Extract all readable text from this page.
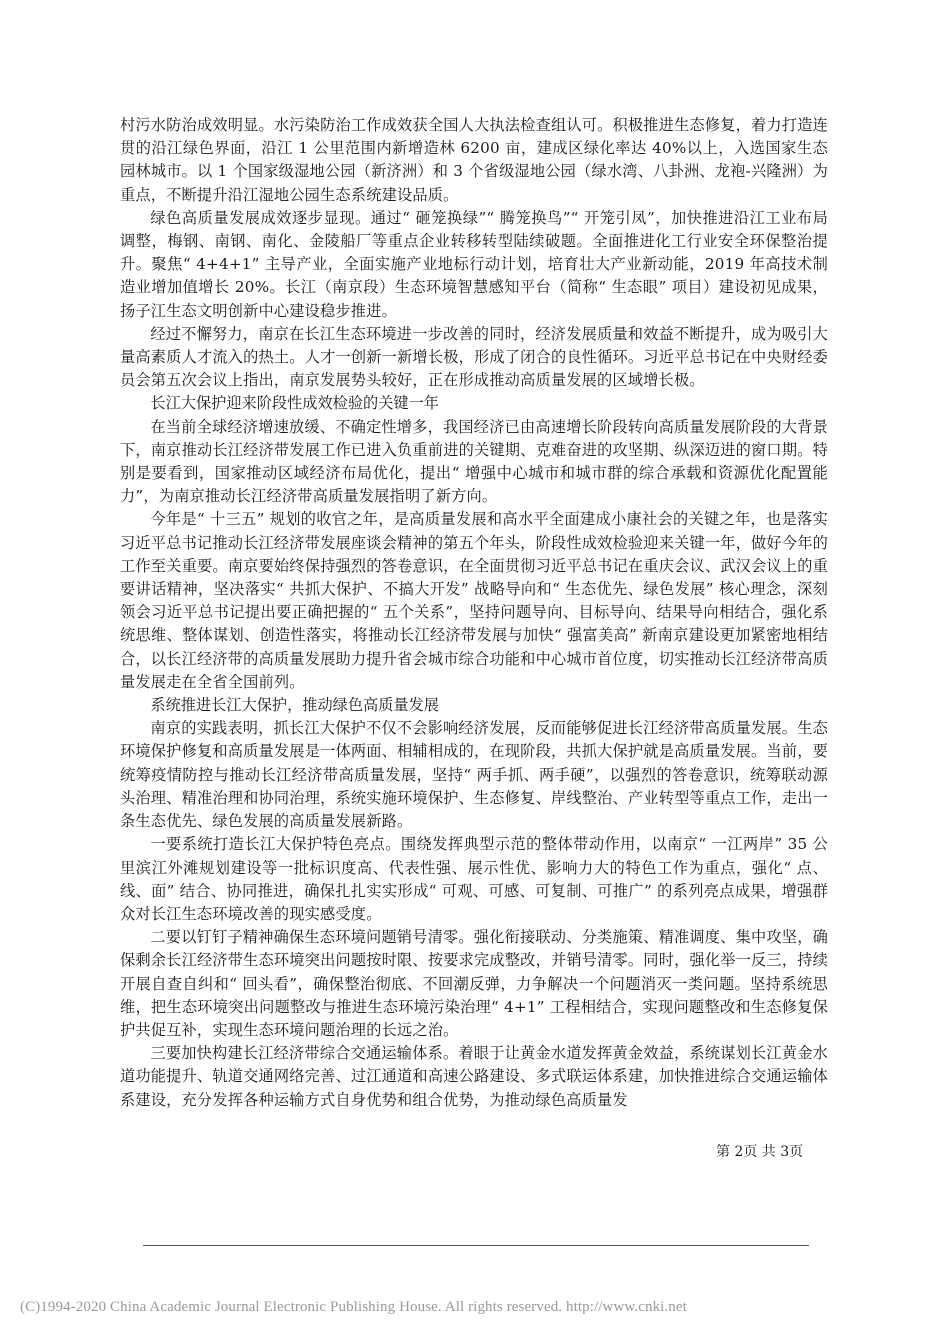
村污水防治成效明显。水污染防治工作成效获全国人大执法检查组认可。积极推进生态修复，着力打造连贯的沿江绿色界面，沿江 1 公里范围内新增造林 6200 亩，建成区绿化率达 40%以上，入选国家生态园林城市。以 1 个国家级湿地公园（新济洲）和 3 个省级湿地公园（绿水湾、八卦洲、龙袍-兴隆洲）为重点，不断提升沿江湿地公园生态系统建设品质。

绿色高质量发展成效逐步显现。通过“ 砸笼换绿”“ 腾笼换鸟”“ 开笼引凤”，加快推进沿江工业布局调整，梅钢、南钢、南化、金陵船厂等重点企业转移转型陆续破题。全面推进化工行业安全环保整治提升。聚焦“ 4+4+1” 主导产业，全面实施产业地标行动计划，培育壮大产业新动能，2019 年高技术制造业增加值增长 20%。长江（南京段）生态环境智慧感知平台（简称“ 生态眼” 项目）建设初见成果，扬子江生态文明创新中心建设稳步推进。

经过不懈努力，南京在长江生态环境进一步改善的同时，经济发展质量和效益不断提升，成为吸引大量高素质人才流入的热土。人才一创新一新增长极，形成了闭合的良性循环。习近平总书记在中央财经委员会第五次会议上指出，南京发展势头较好，正在形成推动高质量发展的区域增长极。

长江大保护迎来阶段性成效检验的关键一年

在当前全球经济增速放缓、不确定性增多，我国经济已由高速增长阶段转向高质量发展阶段的大背景下，南京推动长江经济带发展工作已进入负重前进的关键期、克难奋进的攻坚期、纵深迈进的窗口期。特别是要看到，国家推动区域经济布局优化，提出“ 增强中心城市和城市群的综合承载和资源优化配置能力”，为南京推动长江经济带高质量发展指明了新方向。

今年是“ 十三五” 规划的收官之年，是高质量发展和高水平全面建成小康社会的关键之年，也是落实习近平总书记推动长江经济带发展座谈会精神的第五个年头，阶段性成效检验迎来关键一年，做好今年的工作至关重要。南京要始终保持强烈的答卷意识，在全面贯彻习近平总书记在重庆会议、武汉会议上的重要讲话精神，坚决落实“ 共抓大保护、不搞大开发” 战略导向和“ 生态优先、绿色发展” 核心理念，深刻领会习近平总书记提出要正确把握的“ 五个关系”，坚持问题导向、目标导向、结果导向相结合，强化系统思维、整体谋划、创造性落实，将推动长江经济带发展与加快“ 强富美高” 新南京建设更加紧密地相结合，以长江经济带的高质量发展助力提升省会城市综合功能和中心城市首位度，切实推动长江经济带高质量发展走在全省全国前列。

系统推进长江大保护，推动绿色高质量发展

南京的实践表明，抓长江大保护不仅不会影响经济发展，反而能够促进长江经济带高质量发展。生态环境保护修复和高质量发展是一体两面、相辅相成的，在现阶段，共抓大保护就是高质量发展。当前，要统筹疫情防控与推动长江经济带高质量发展，坚持“ 两手抓、两手硬”，以强烈的答卷意识，统筹联动源头治理、精准治理和协同治理，系统实施环境保护、生态修复、岸线整治、产业转型等重点工作，走出一条生态优先、绿色发展的高质量发展新路。

一要系统打造长江大保护特色亮点。围绕发挥典型示范的整体带动作用，以南京“ 一江两岸” 35 公里滨江外滩规划建设等一批标识度高、代表性强、展示性优、影响力大的特色工作为重点，强化“ 点、线、面” 结合、协同推进，确保扎扎实实形成“ 可观、可感、可复制、可推广” 的系列亮点成果，增强群众对长江生态环境改善的现实感受度。

二要以钉钉子精神确保生态环境问题销号清零。强化衔接联动、分类施策、精准调度、集中攻坚，确保剩余长江经济带生态环境突出问题按时限、按要求完成整改，并销号清零。同时，强化举一反三，持续开展自查自纠和“ 回头看”，确保整治彻底、不回潮反弹，力争解决一个问题消灭一类问题。坚持系统思维，把生态环境突出问题整改与推进生态环境污染治理“ 4+1” 工程相结合，实现问题整改和生态修复保护共促互补，实现生态环境问题治理的长远之治。

三要加快构建长江经济带综合交通运输体系。着眼于让黄金水道发挥黄金效益，系统谋划长江黄金水道功能提升、轨道交通网络完善、过江通道和高速公路建设、多式联运体系建，加快推进综合交通运输体系建设，充分发挥各种运输方式自身优势和组合优势，为推动绿色高质量发

第 2页 共 3页
(C)1994-2020 China Academic Journal Electronic Publishing House. All rights reserved. http://www.cnki.net
